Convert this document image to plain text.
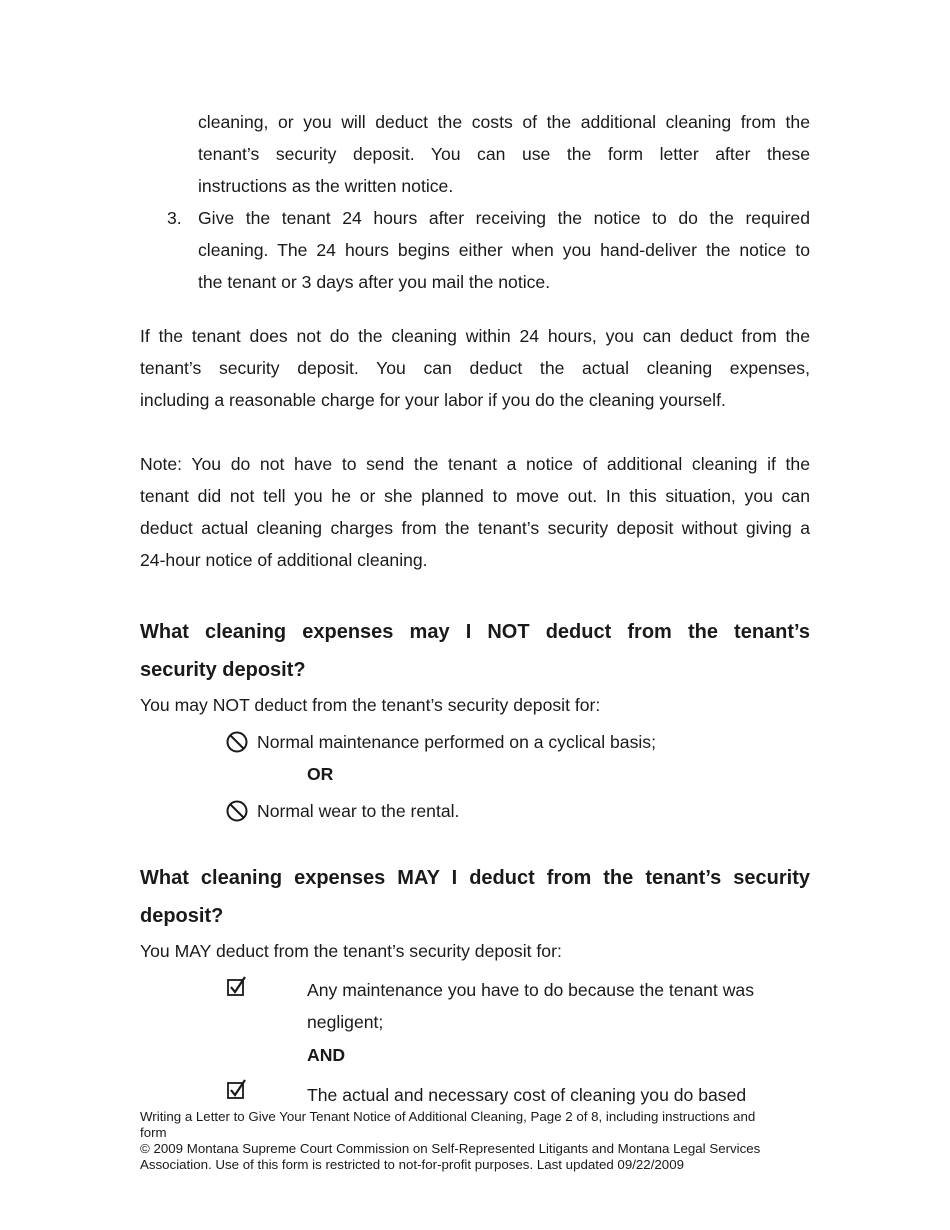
cleaning, or you will deduct the costs of the additional cleaning from the

tenant’s security deposit. You can use the form letter after these

instructions as the written notice.

3. Give the tenant 24 hours after receiving the notice to do the required

cleaning. The 24 hours begins either when you hand-deliver the notice to

the tenant or 3 days after you mail the notice.

If the tenant does not do the cleaning within 24 hours, you can deduct from the

tenant’s security deposit. You can deduct the actual cleaning expenses,

including a reasonable charge for your labor if you do the cleaning yourself.

Note: You do not have to send the tenant a notice of additional cleaning if the

tenant did not tell you he or she planned to move out. In this situation, you can

deduct actual cleaning charges from the tenant’s security deposit without giving a

24-hour notice of additional cleaning.

What cleaning expenses may I NOT deduct from the tenant’s

security deposit?

You may NOT deduct from the tenant’s security deposit for:

Normal maintenance performed on a cyclical basis;

OR

Normal wear to the rental.

What cleaning expenses MAY I deduct from the tenant’s security

deposit?

You MAY deduct from the tenant’s security deposit for:

Any maintenance you have to do because the tenant was

negligent;

AND

The actual and necessary cost of cleaning you do based

Writing a Letter to Give Your Tenant Notice of Additional Cleaning, Page 2 of 8, including instructions and

form

© 2009 Montana Supreme Court Commission on Self-Represented Litigants and Montana Legal Services

Association. Use of this form is restricted to not-for-profit purposes. Last updated 09/22/2009
